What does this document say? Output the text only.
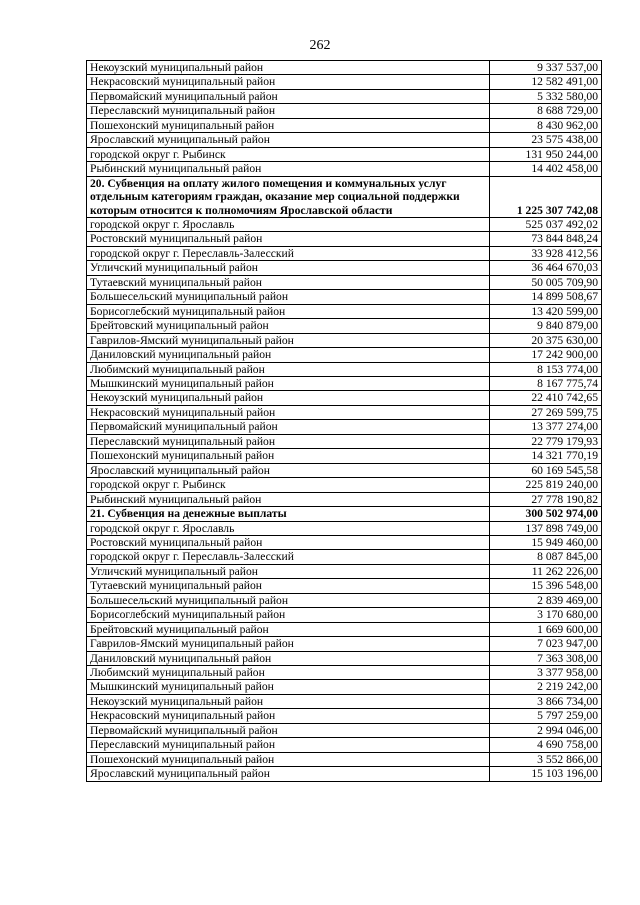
262
Некоузский муниципальный район	9 337 537,00
Некрасовский муниципальный район	12 582 491,00
Первомайский муниципальный район	5 332 580,00
Переславский муниципальный район	8 688 729,00
Пошехонский муниципальный район	8 430 962,00
Ярославский муниципальный район	23 575 438,00
городской округ г. Рыбинск	131 950 244,00
Рыбинский муниципальный район	14 402 458,00
20. Субвенция на оплату жилого помещения и коммунальных услуг отдельным категориям граждан, оказание мер социальной поддержки которым относится к полномочиям Ярославской области	1 225 307 742,08
городской округ г. Ярославль	525 037 492,02
Ростовский муниципальный район	73 844 848,24
городской округ г. Переславль-Залесский	33 928 412,56
Угличский муниципальный район	36 464 670,03
Тутаевский муниципальный район	50 005 709,90
Большесельский муниципальный район	14 899 508,67
Борисоглебский муниципальный район	13 420 599,00
Брейтовский муниципальный район	9 840 879,00
Гаврилов-Ямский муниципальный район	20 375 630,00
Даниловский муниципальный район	17 242 900,00
Любимский муниципальный район	8 153 774,00
Мышкинский муниципальный район	8 167 775,74
Некоузский муниципальный район	22 410 742,65
Некрасовский муниципальный район	27 269 599,75
Первомайский муниципальный район	13 377 274,00
Переславский муниципальный район	22 779 179,93
Пошехонский муниципальный район	14 321 770,19
Ярославский муниципальный район	60 169 545,58
городской округ г. Рыбинск	225 819 240,00
Рыбинский муниципальный район	27 778 190,82
21. Субвенция на денежные выплаты	300 502 974,00
городской округ г. Ярославль	137 898 749,00
Ростовский муниципальный район	15 949 460,00
городской округ г. Переславль-Залесский	8 087 845,00
Угличский муниципальный район	11 262 226,00
Тутаевский муниципальный район	15 396 548,00
Большесельский муниципальный район	2 839 469,00
Борисоглебский муниципальный район	3 170 680,00
Брейтовский муниципальный район	1 669 600,00
Гаврилов-Ямский муниципальный район	7 023 947,00
Даниловский муниципальный район	7 363 308,00
Любимский муниципальный район	3 377 958,00
Мышкинский муниципальный район	2 219 242,00
Некоузский муниципальный район	3 866 734,00
Некрасовский муниципальный район	5 797 259,00
Первомайский муниципальный район	2 994 046,00
Переславский муниципальный район	4 690 758,00
Пошехонский муниципальный район	3 552 866,00
Ярославский муниципальный район	15 103 196,00
